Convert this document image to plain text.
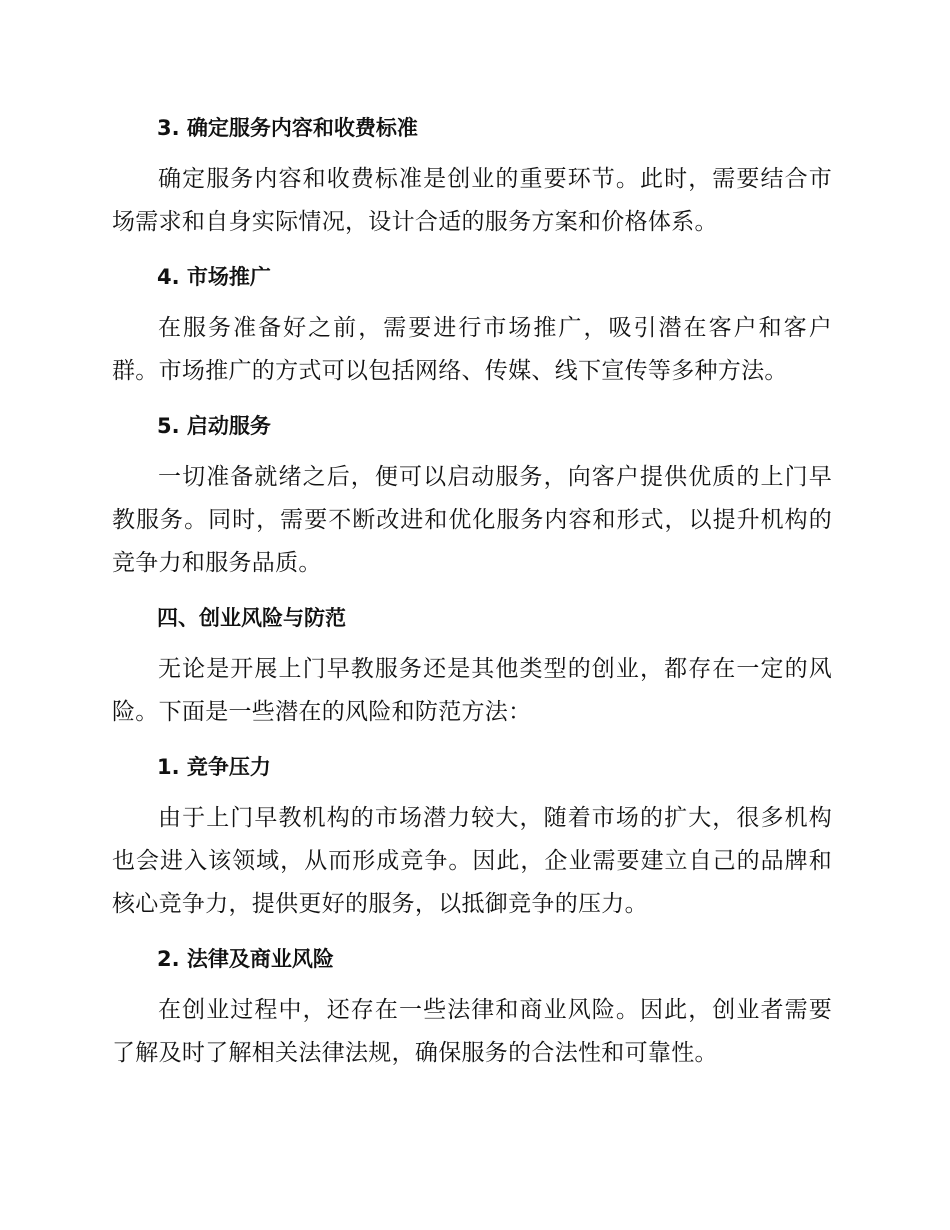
3. 确定服务内容和收费标准

确定服务内容和收费标准是创业的重要环节。此时，需要结合市场需求和自身实际情况，设计合适的服务方案和价格体系。

4. 市场推广

在服务准备好之前，需要进行市场推广，吸引潜在客户和客户群。市场推广的方式可以包括网络、传媒、线下宣传等多种方法。

5. 启动服务

一切准备就绪之后，便可以启动服务，向客户提供优质的上门早教服务。同时，需要不断改进和优化服务内容和形式，以提升机构的竞争力和服务品质。

四、创业风险与防范

无论是开展上门早教服务还是其他类型的创业，都存在一定的风险。下面是一些潜在的风险和防范方法：

1. 竞争压力

由于上门早教机构的市场潜力较大，随着市场的扩大，很多机构也会进入该领域，从而形成竞争。因此，企业需要建立自己的品牌和核心竞争力，提供更好的服务，以抵御竞争的压力。

2. 法律及商业风险

在创业过程中，还存在一些法律和商业风险。因此，创业者需要了解及时了解相关法律法规，确保服务的合法性和可靠性。
